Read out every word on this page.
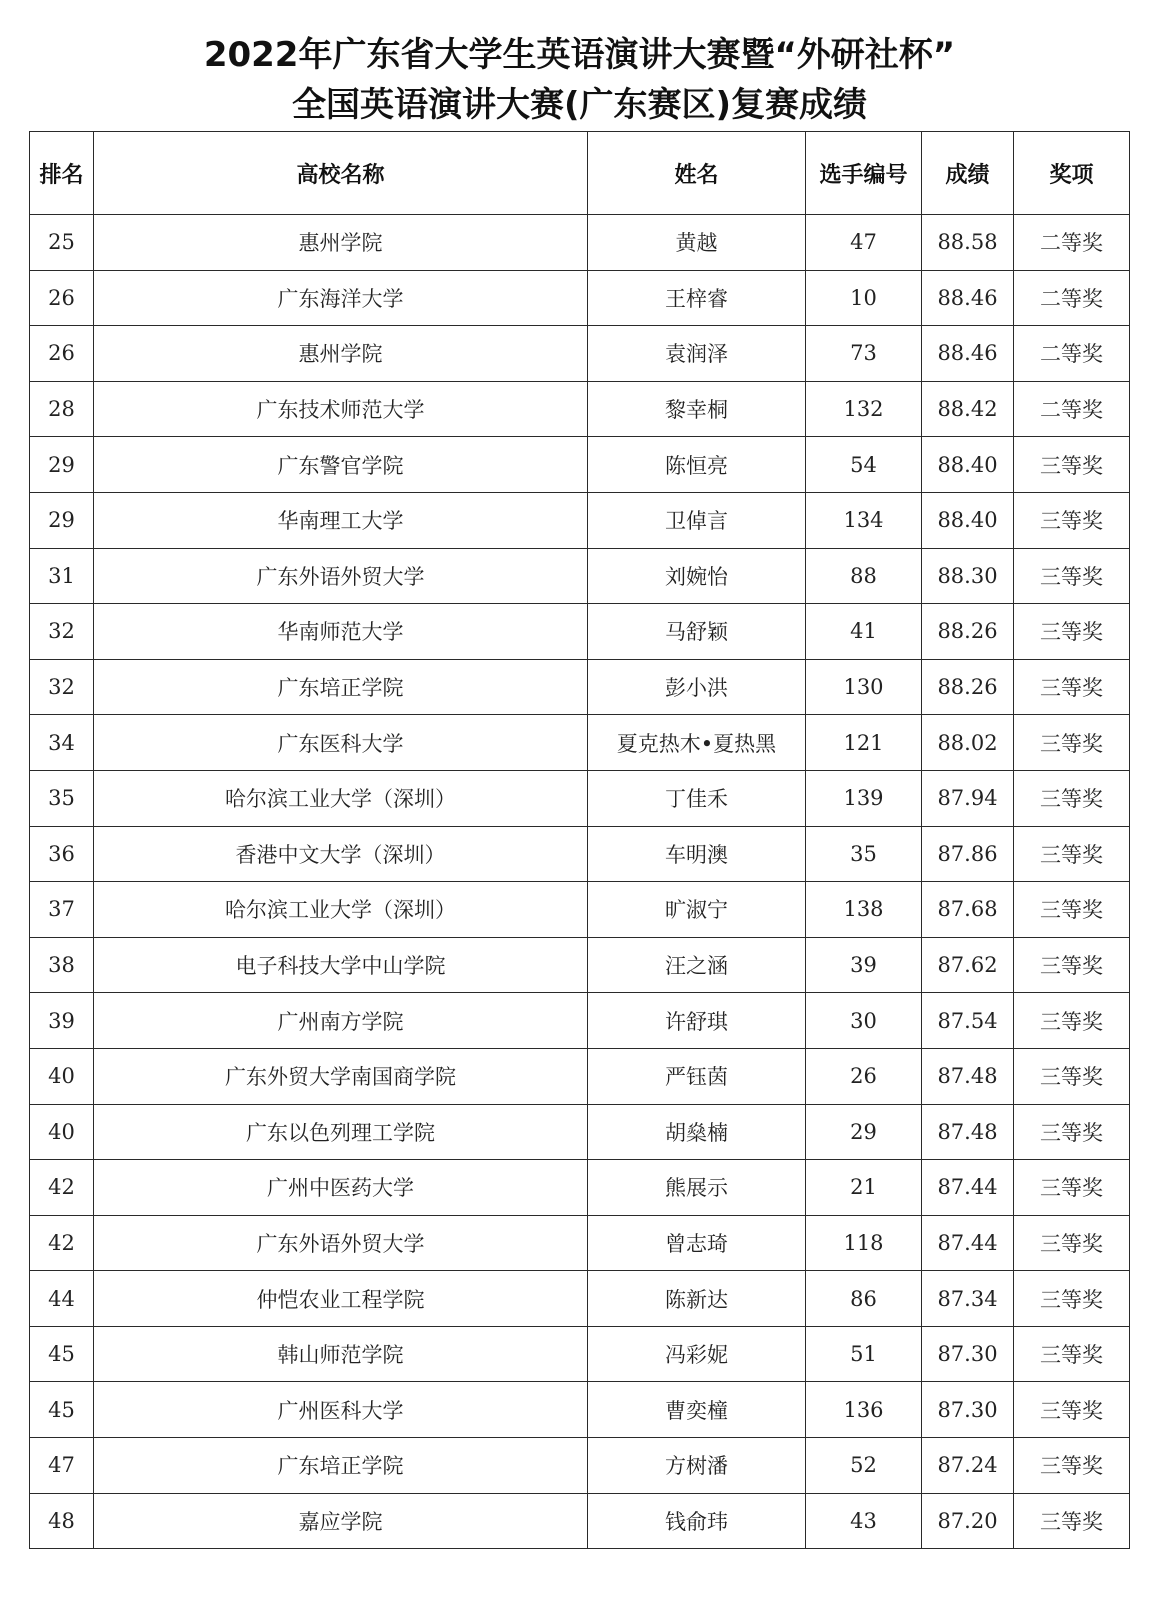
2022年广东省大学生英语演讲大赛暨“外研社杯”
全国英语演讲大赛(广东赛区)复赛成绩
排名	高校名称	姓名	选手编号	成绩	奖项
25	惠州学院	黄越	47	88.58	二等奖
26	广东海洋大学	王梓睿	10	88.46	二等奖
26	惠州学院	袁润泽	73	88.46	二等奖
28	广东技术师范大学	黎幸桐	132	88.42	二等奖
29	广东警官学院	陈恒亮	54	88.40	三等奖
29	华南理工大学	卫倬言	134	88.40	三等奖
31	广东外语外贸大学	刘婉怡	88	88.30	三等奖
32	华南师范大学	马舒颖	41	88.26	三等奖
32	广东培正学院	彭小洪	130	88.26	三等奖
34	广东医科大学	夏克热木•夏热黑	121	88.02	三等奖
35	哈尔滨工业大学（深圳）	丁佳禾	139	87.94	三等奖
36	香港中文大学（深圳）	车明澳	35	87.86	三等奖
37	哈尔滨工业大学（深圳）	旷淑宁	138	87.68	三等奖
38	电子科技大学中山学院	汪之涵	39	87.62	三等奖
39	广州南方学院	许舒琪	30	87.54	三等奖
40	广东外贸大学南国商学院	严钰茵	26	87.48	三等奖
40	广东以色列理工学院	胡燊楠	29	87.48	三等奖
42	广州中医药大学	熊展示	21	87.44	三等奖
42	广东外语外贸大学	曾志琦	118	87.44	三等奖
44	仲恺农业工程学院	陈新达	86	87.34	三等奖
45	韩山师范学院	冯彩妮	51	87.30	三等奖
45	广州医科大学	曹奕橦	136	87.30	三等奖
47	广东培正学院	方树潘	52	87.24	三等奖
48	嘉应学院	钱俞玮	43	87.20	三等奖
